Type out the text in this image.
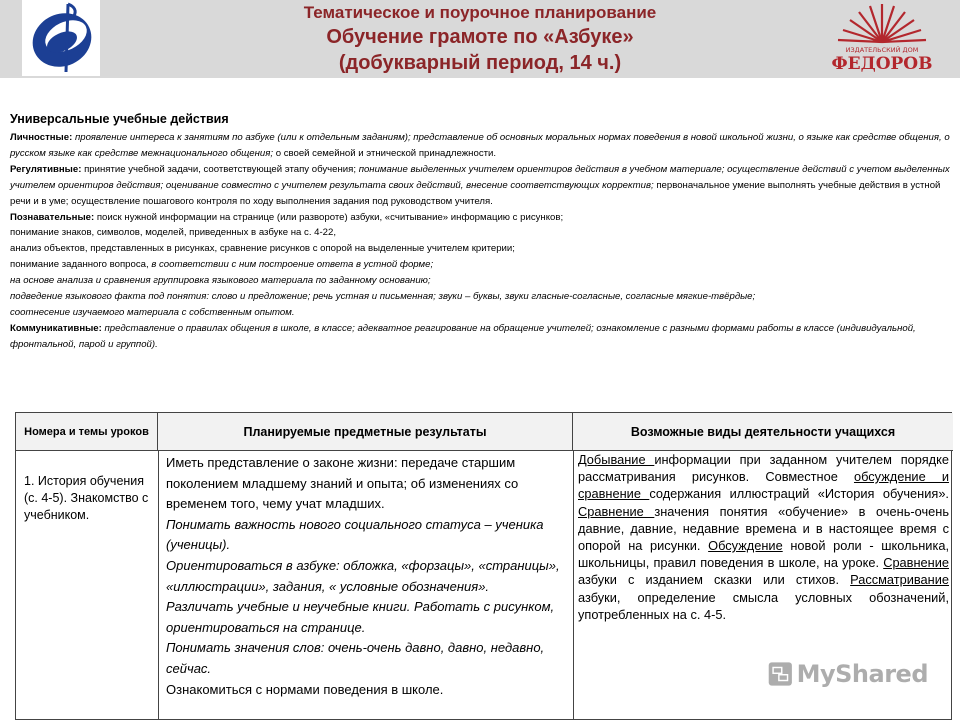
Тематическое и поурочное планирование
Обучение грамоте по «Азбуке»
(добукварный период, 14 ч.)
ИЗДАТЕЛЬСКИЙ ДОМ
ФЕДОРОВ
Универсальные учебные действия

Личностные: проявление интереса к занятиям по азбуке (или к отдельным заданиям); представление об основных моральных нормах поведения в новой школьной жизни, о языке как средстве общения, о русском языке как средстве межнационального общения; о своей семейной и этнической принадлежности.

Регулятивные: принятие учебной задачи, соответствующей этапу обучения; понимание выделенных учителем ориентиров действия в учебном материале; осуществление действий с учетом выделенных учителем ориентиров действия; оценивание совместно с учителем результата своих действий, внесение соответствующих корректив; первоначальное умение выполнять учебные действия в устной речи и в уме; осуществление пошагового контроля по ходу выполнения задания под руководством учителя.

Познавательные: поиск нужной информации на странице (или развороте) азбуки, «считывание» информацию с рисунков;

понимание знаков, символов, моделей, приведенных в азбуке на с. 4-22,

анализ объектов, представленных в рисунках, сравнение рисунков с опорой на выделенные учителем критерии;

понимание заданного вопроса, в соответствии с ним построение ответа в устной форме;

на основе анализа и сравнения группировка языкового материала по заданному основанию;

подведение языкового факта под понятия: слово и предложение; речь устная и письменная; звуки – буквы, звуки гласные-согласные, согласные мягкие-твёрдые;

соотнесение изучаемого материала с собственным опытом.

Коммуникативные: представление о правилах общения в школе, в классе; адекватное реагирование на обращение учителей; ознакомление с разными формами работы в классе (индивидуальной, фронтальной, парой и группой).

Номера и темы уроков	Планируемые предметные результаты	Возможные виды деятельности учащихся
1. История обучения (с. 4-5). Знакомство с учебником.

Иметь представление о законе жизни: передаче старшим поколением младшему знаний и опыта; об изменениях со временем того, чему учат младших.

Понимать важность нового социального статуса – ученика (ученицы).

Ориентироваться в азбуке: обложка, «форзацы», «страницы», «иллюстрации», задания, « условные обозначения».

Различать учебные и неучебные книги. Работать с рисунком, ориентироваться на странице.

Понимать значения слов: очень-очень давно, давно, недавно, сейчас.

Ознакомиться с нормами поведения в школе.

Добывание информации при заданном учителем порядке рассматривания рисунков. Совместное обсуждение и сравнение содержания иллюстраций «История обучения». Сравнение значения понятия «обучение» в очень-очень давние, давние, недавние времена и в настоящее время с опорой на рисунки. Обсуждение новой роли - школьника, школьницы, правил поведения в школе, на уроке. Сравнение азбуки с изданием сказки или стихов. Рассматривание азбуки, определение смысла условных обозначений, употребленных на с. 4-5.

MyShared
